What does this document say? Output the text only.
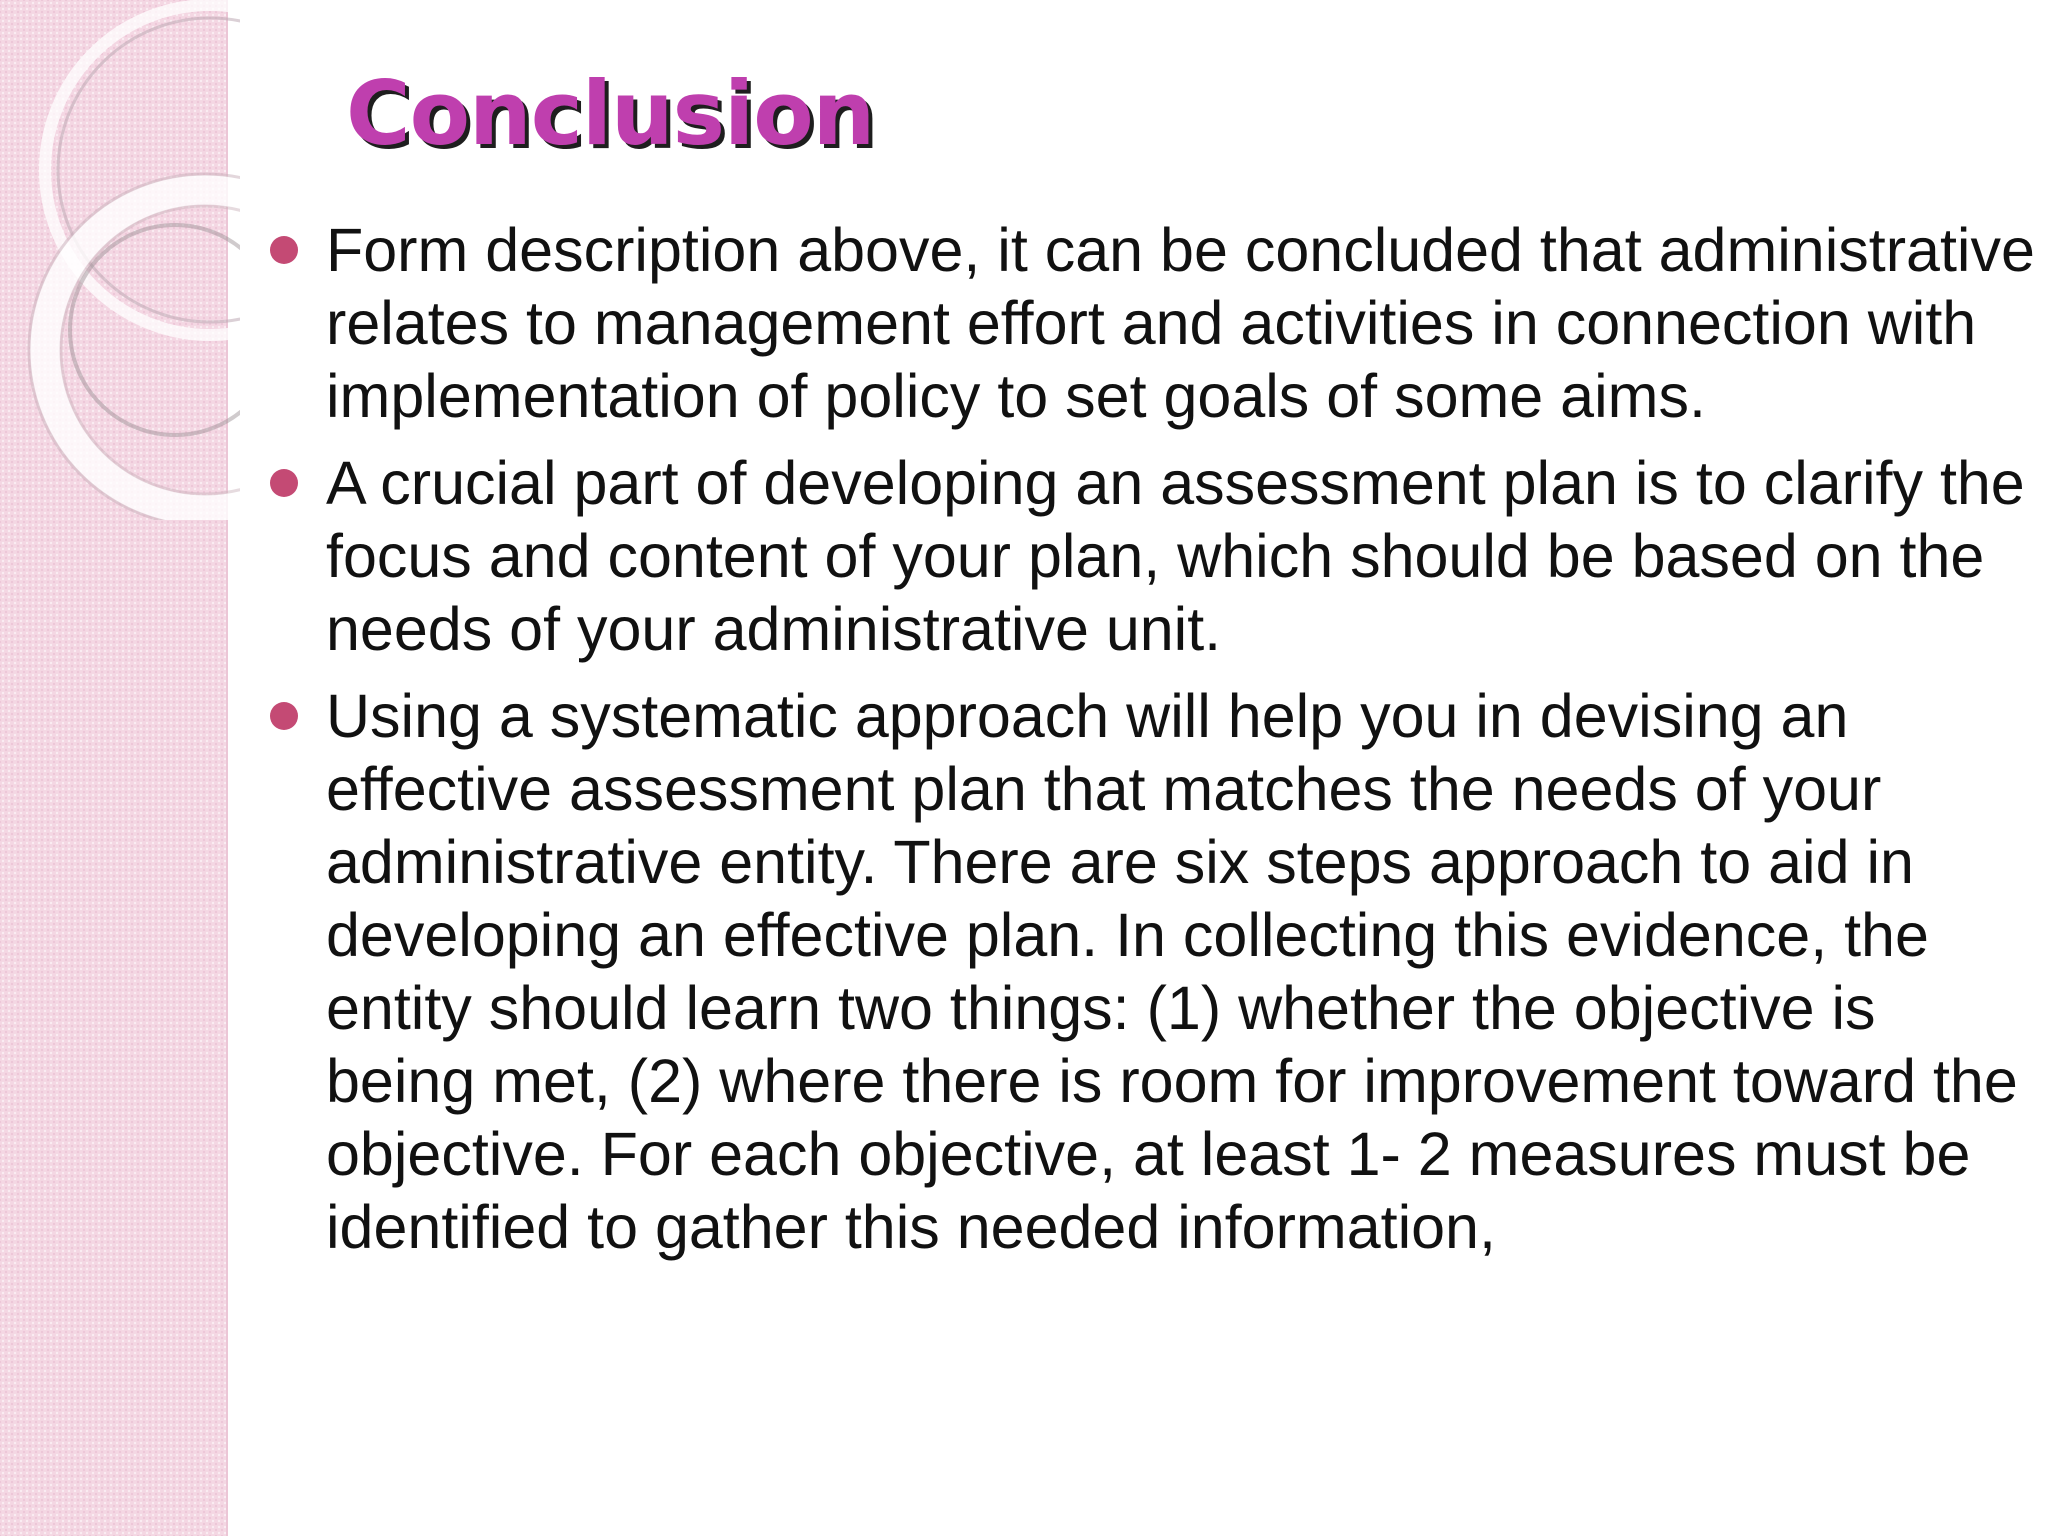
Conclusion
Form description above, it can be concluded that administrative relates to management effort and activities in connection with implementation of policy to set goals of some aims.
A crucial part of developing an assessment plan is to clarify the focus and content of your plan, which should be based on the needs of your administrative unit.
Using a systematic approach will help you in devising an effective assessment plan that matches the needs of your administrative entity. There are six steps approach to aid in developing an effective plan. In collecting this evidence, the entity should learn two things: (1) whether the objective is being met, (2) where there is room for improvement toward the objective. For each objective, at least 1- 2 measures must be identified to gather this needed information,
